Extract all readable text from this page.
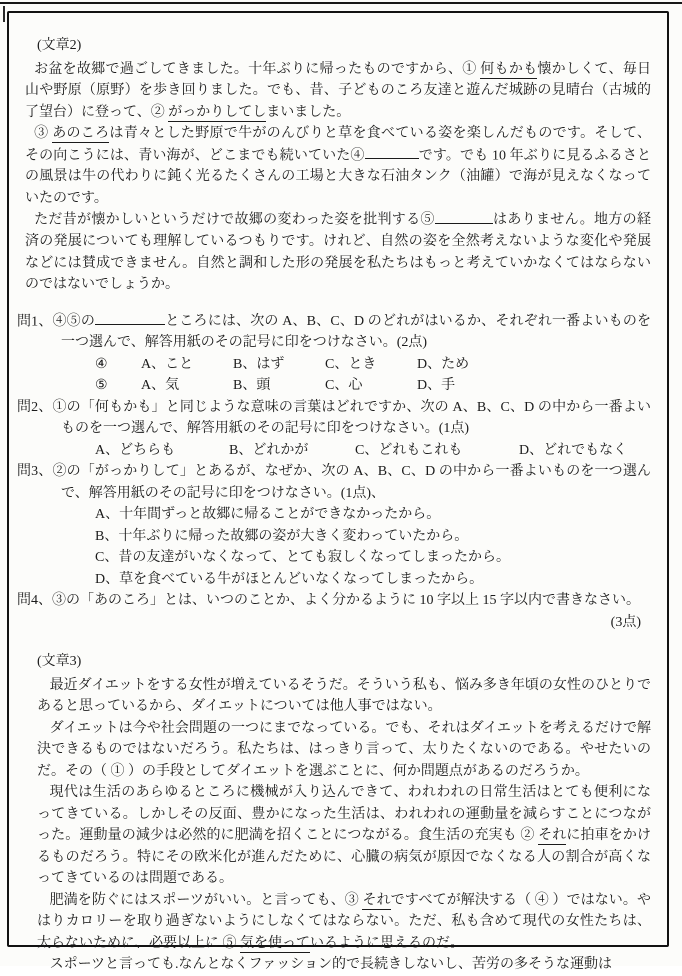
(文章2)

お盆を故郷で過ごしてきました。十年ぶりに帰ったものですから、① 何もかも懐かしくて、毎日山や野原（原野）を歩き回りました。でも、昔、子どものころ友達と遊んだ城跡の見晴台（古城的了望台）に登って、② がっかりしてしまいました。

③ あのころは青々とした野原で牛がのんびりと草を食べている姿を楽しんだものです。そして、その向こうには、青い海が、どこまでも続いていた④	です。でも 10 年ぶりに見るふるさとの風景は牛の代わりに鈍く光るたくさんの工場と大きな石油タンク（油罐）で海が見えなくなっていたのです。

ただ昔が懐かしいというだけで故郷の変わった姿を批判する⑤	はありません。地方の経済の発展についても理解しているつもりです。けれど、自然の姿を全然考えないような変化や発展などには賛成できません。自然と調和した形の発展を私たちはもっと考えていかなくてはならないのではないでしょうか。

問1、④⑤の	ところには、次の A、B、C、D のどれがはいるか、それぞれ一番よいものを一つ選んで、解答用紙のその記号に印をつけなさい。(2点)

④ A、こと	B、はず	C、とき	D、ため

⑤ A、気	B、頭	C、心	D、手

問2、①の「何もかも」と同じような意味の言葉はどれですか、次の A、B、C、D の中から一番よいものを一つ選んで、解答用紙のその記号に印をつけなさい。(1点)

A、どちらも	B、どれかが	C、どれもこれも	D、どれでもなく

問3、②の「がっかりして」とあるが、なぜか、次の A、B、C、D の中から一番よいものを一つ選んで、解答用紙のその記号に印をつけなさい。(1点)、

A、十年間ずっと故郷に帰ることができなかったから。
B、十年ぶりに帰った故郷の姿が大きく変わっていたから。
C、昔の友達がいなくなって、とても寂しくなってしまったから。
D、草を食べている牛がほとんどいなくなってしまったから。

問4、③の「あのころ」とは、いつのことか、よく分かるように 10 字以上 15 字以内で書きなさい。

(3点)

(文章3)

最近ダイエットをする女性が増えているそうだ。そういう私も、悩み多き年頃の女性のひとりであると思っているから、ダイエットについては他人事ではない。

ダイエットは今や社会問題の一つにまでなっている。でも、それはダイエットを考えるだけで解決できるものではないだろう。私たちは、はっきり言って、太りたくないのである。やせたいのだ。その（ ① ）の手段としてダイエットを選ぶことに、何か問題点があるのだろうか。

現代は生活のあらゆるところに機械が入り込んできて、われわれの日常生活はとても便利になってきている。しかしその反面、豊かになった生活は、われわれの運動量を減らすことにつながった。運動量の減少は必然的に肥満を招くことにつながる。食生活の充実も ② それに拍車をかけるものだろう。特にその欧米化が進んだために、心臓の病気が原因でなくなる人の割合が高くなってきているのは問題である。

肥満を防ぐにはスポーツがいい。と言っても、③ それですべてが解決する（ ④ ）ではない。やはりカロリーを取り過ぎないようにしなくてはならない。ただ、私も含めて現代の女性たちは、太らないために、必要以上に ⑤ 気を使っているように思えるのだ。

スポーツと言っても.なんとなくファッション的で長続きしないし、苦労の多そうな運動は
